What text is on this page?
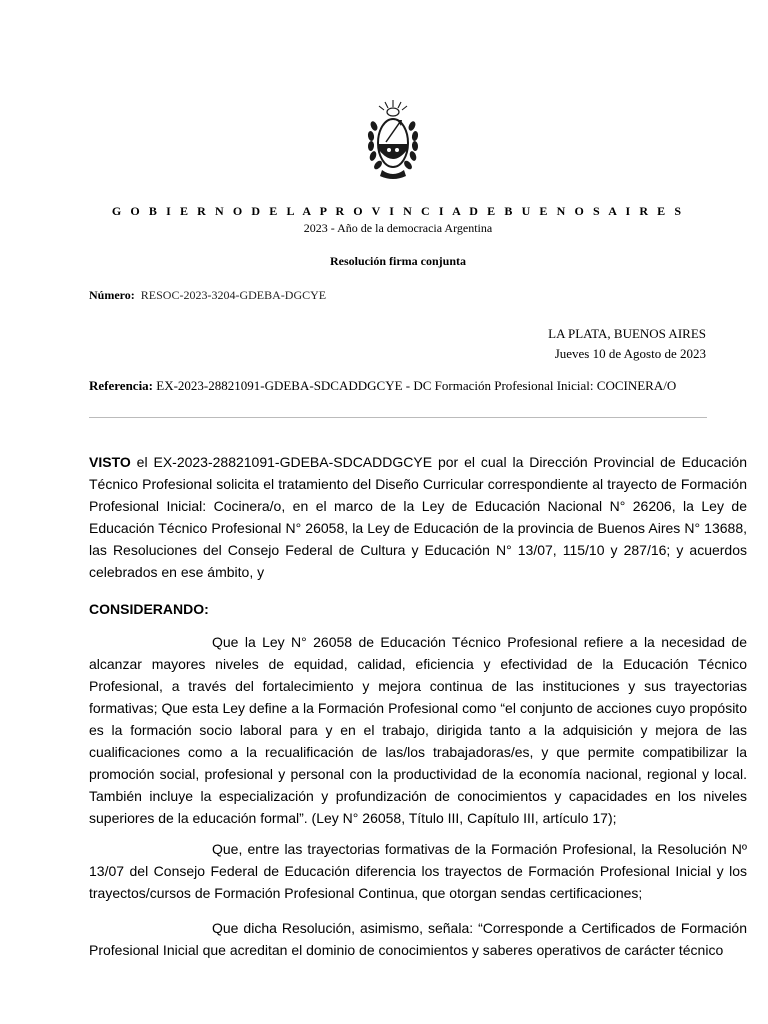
G O B I E R N O D E L A P R O V I N C I A D E B U E N O S A I R E S
2023 - Año de la democracia Argentina
Resolución firma conjunta
Número: RESOC-2023-3204-GDEBA-DGCYE
LA PLATA, BUENOS AIRES
Jueves 10 de Agosto de 2023
Referencia: EX-2023-28821091-GDEBA-SDCADDGCYE - DC Formación Profesional Inicial: COCINERA/O
VISTO el EX-2023-28821091-GDEBA-SDCADDGCYE por el cual la Dirección Provincial de Educación Técnico Profesional solicita el tratamiento del Diseño Curricular correspondiente al trayecto de Formación Profesional Inicial: Cocinera/o, en el marco de la Ley de Educación Nacional N° 26206, la Ley de Educación Técnico Profesional N° 26058, la Ley de Educación de la provincia de Buenos Aires N° 13688, las Resoluciones del Consejo Federal de Cultura y Educación N° 13/07, 115/10 y 287/16; y acuerdos celebrados en ese ámbito, y
CONSIDERANDO:
Que la Ley N° 26058 de Educación Técnico Profesional refiere a la necesidad de alcanzar mayores niveles de equidad, calidad, eficiencia y efectividad de la Educación Técnico Profesional, a través del fortalecimiento y mejora continua de las instituciones y sus trayectorias formativas; Que esta Ley define a la Formación Profesional como “el conjunto de acciones cuyo propósito es la formación socio laboral para y en el trabajo, dirigida tanto a la adquisición y mejora de las cualificaciones como a la recualificación de las/los trabajadoras/es, y que permite compatibilizar la promoción social, profesional y personal con la productividad de la economía nacional, regional y local. También incluye la especialización y profundización de conocimientos y capacidades en los niveles superiores de la educación formal”. (Ley N° 26058, Título III, Capítulo III, artículo 17);
Que, entre las trayectorias formativas de la Formación Profesional, la Resolución Nº 13/07 del Consejo Federal de Educación diferencia los trayectos de Formación Profesional Inicial y los trayectos/cursos de Formación Profesional Continua, que otorgan sendas certificaciones;
Que dicha Resolución, asimismo, señala: “Corresponde a Certificados de Formación Profesional Inicial que acreditan el dominio de conocimientos y saberes operativos de carácter técnico
